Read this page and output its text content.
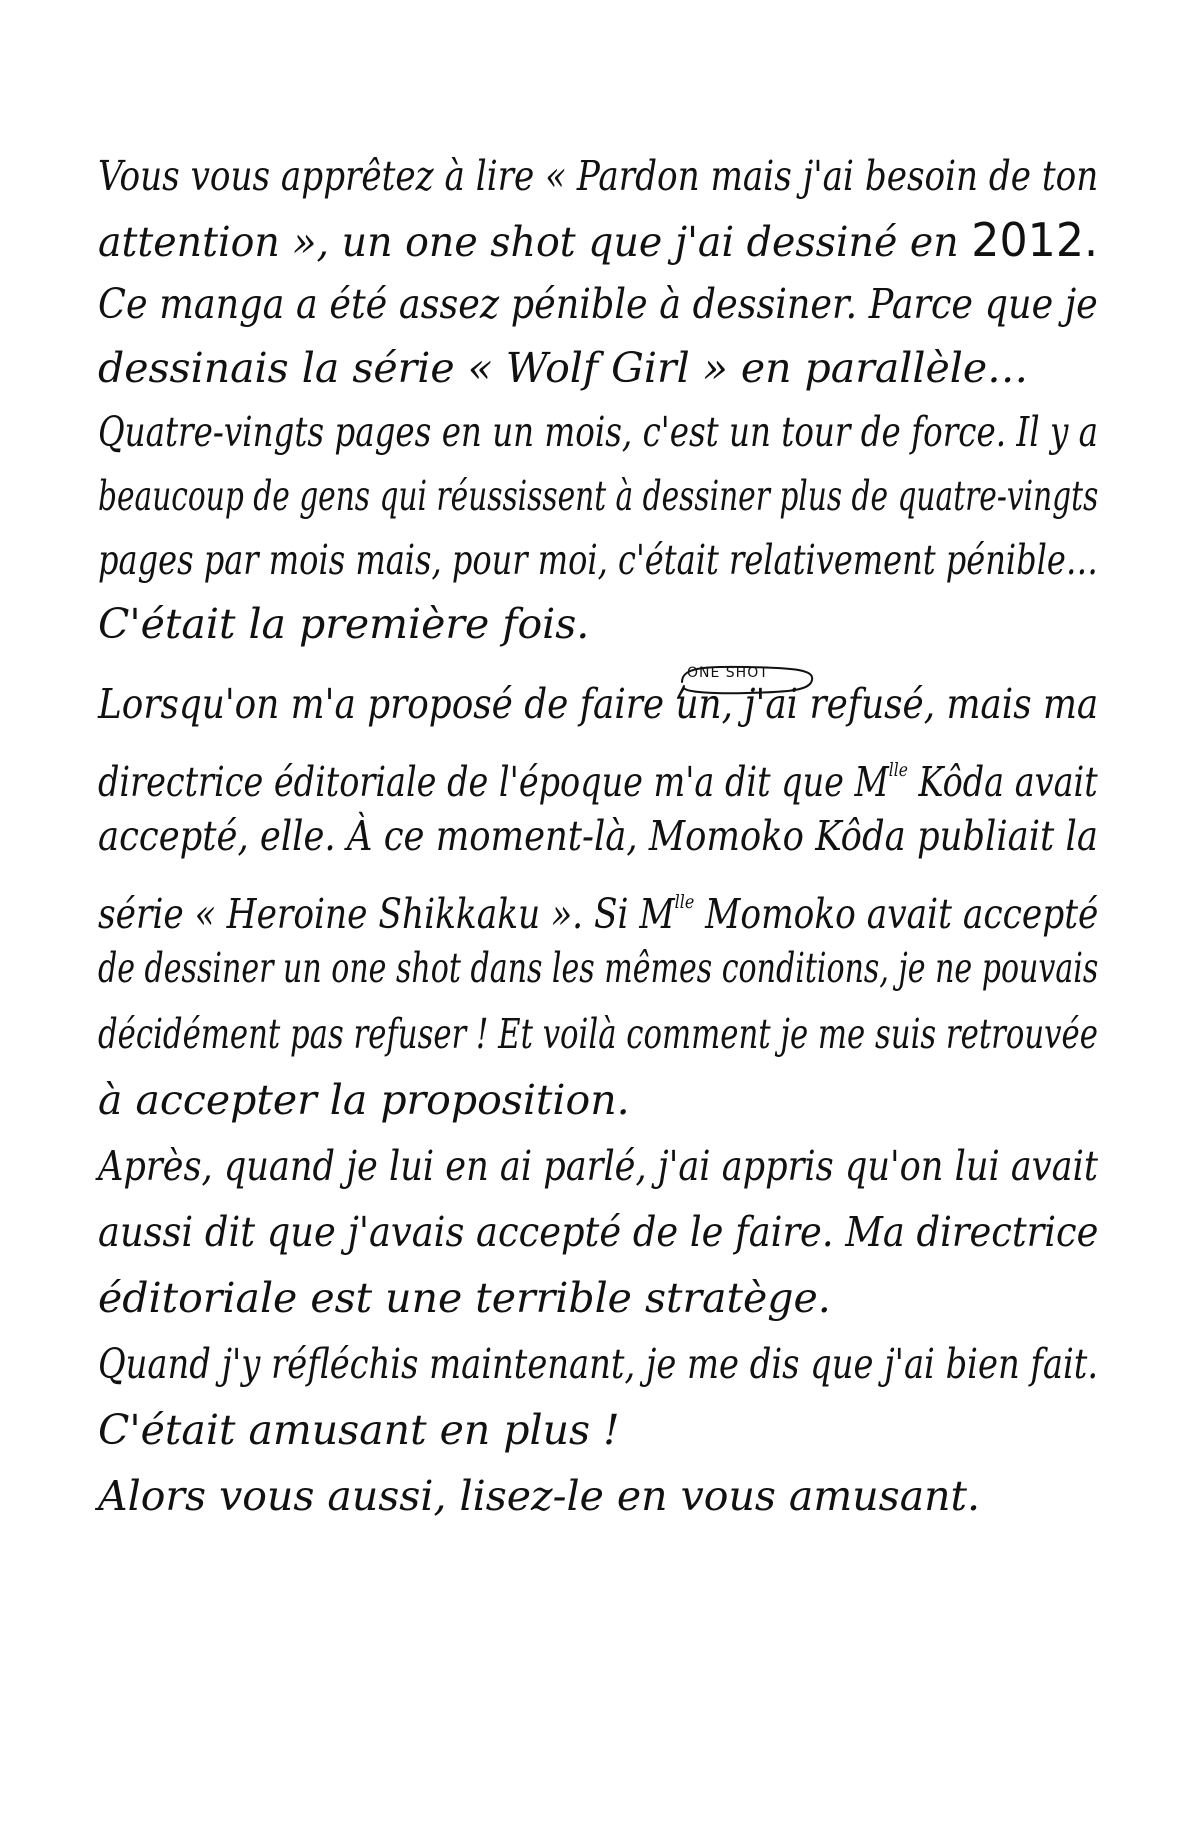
Vous vous apprêtez à lire « Pardon mais j'ai besoin de ton
attention », un one shot que j'ai dessiné en 2012.
Ce manga a été assez pénible à dessiner. Parce que je
dessinais la série « Wolf Girl » en parallèle…
Quatre-vingts pages en un mois, c'est un tour de force. Il y a
beaucoup de gens qui réussissent à dessiner plus de quatre-vingts
pages par mois mais, pour moi, c'était relativement pénible…
C'était la première fois.
Lorsqu'on m'a proposé de faire un, j'ai refusé, mais ma
directrice éditoriale de l'époque m'a dit que $M^{lle}$ Kôda avait
accepté, elle. À ce moment-là, Momoko Kôda publiait la
série « Heroine Shikkaku ». Si $M^{lle}$ Momoko avait accepté
de dessiner un one shot dans les mêmes conditions, je ne pouvais
décidément pas refuser ! Et voilà comment je me suis retrouvée
à accepter la proposition.
Après, quand je lui en ai parlé, j'ai appris qu'on lui avait
aussi dit que j'avais accepté de le faire. Ma directrice
éditoriale est une terrible stratège.
Quand j'y réfléchis maintenant, je me dis que j'ai bien fait.
C'était amusant en plus !
Alors vous aussi, lisez-le en vous amusant.
ONE SHOT
